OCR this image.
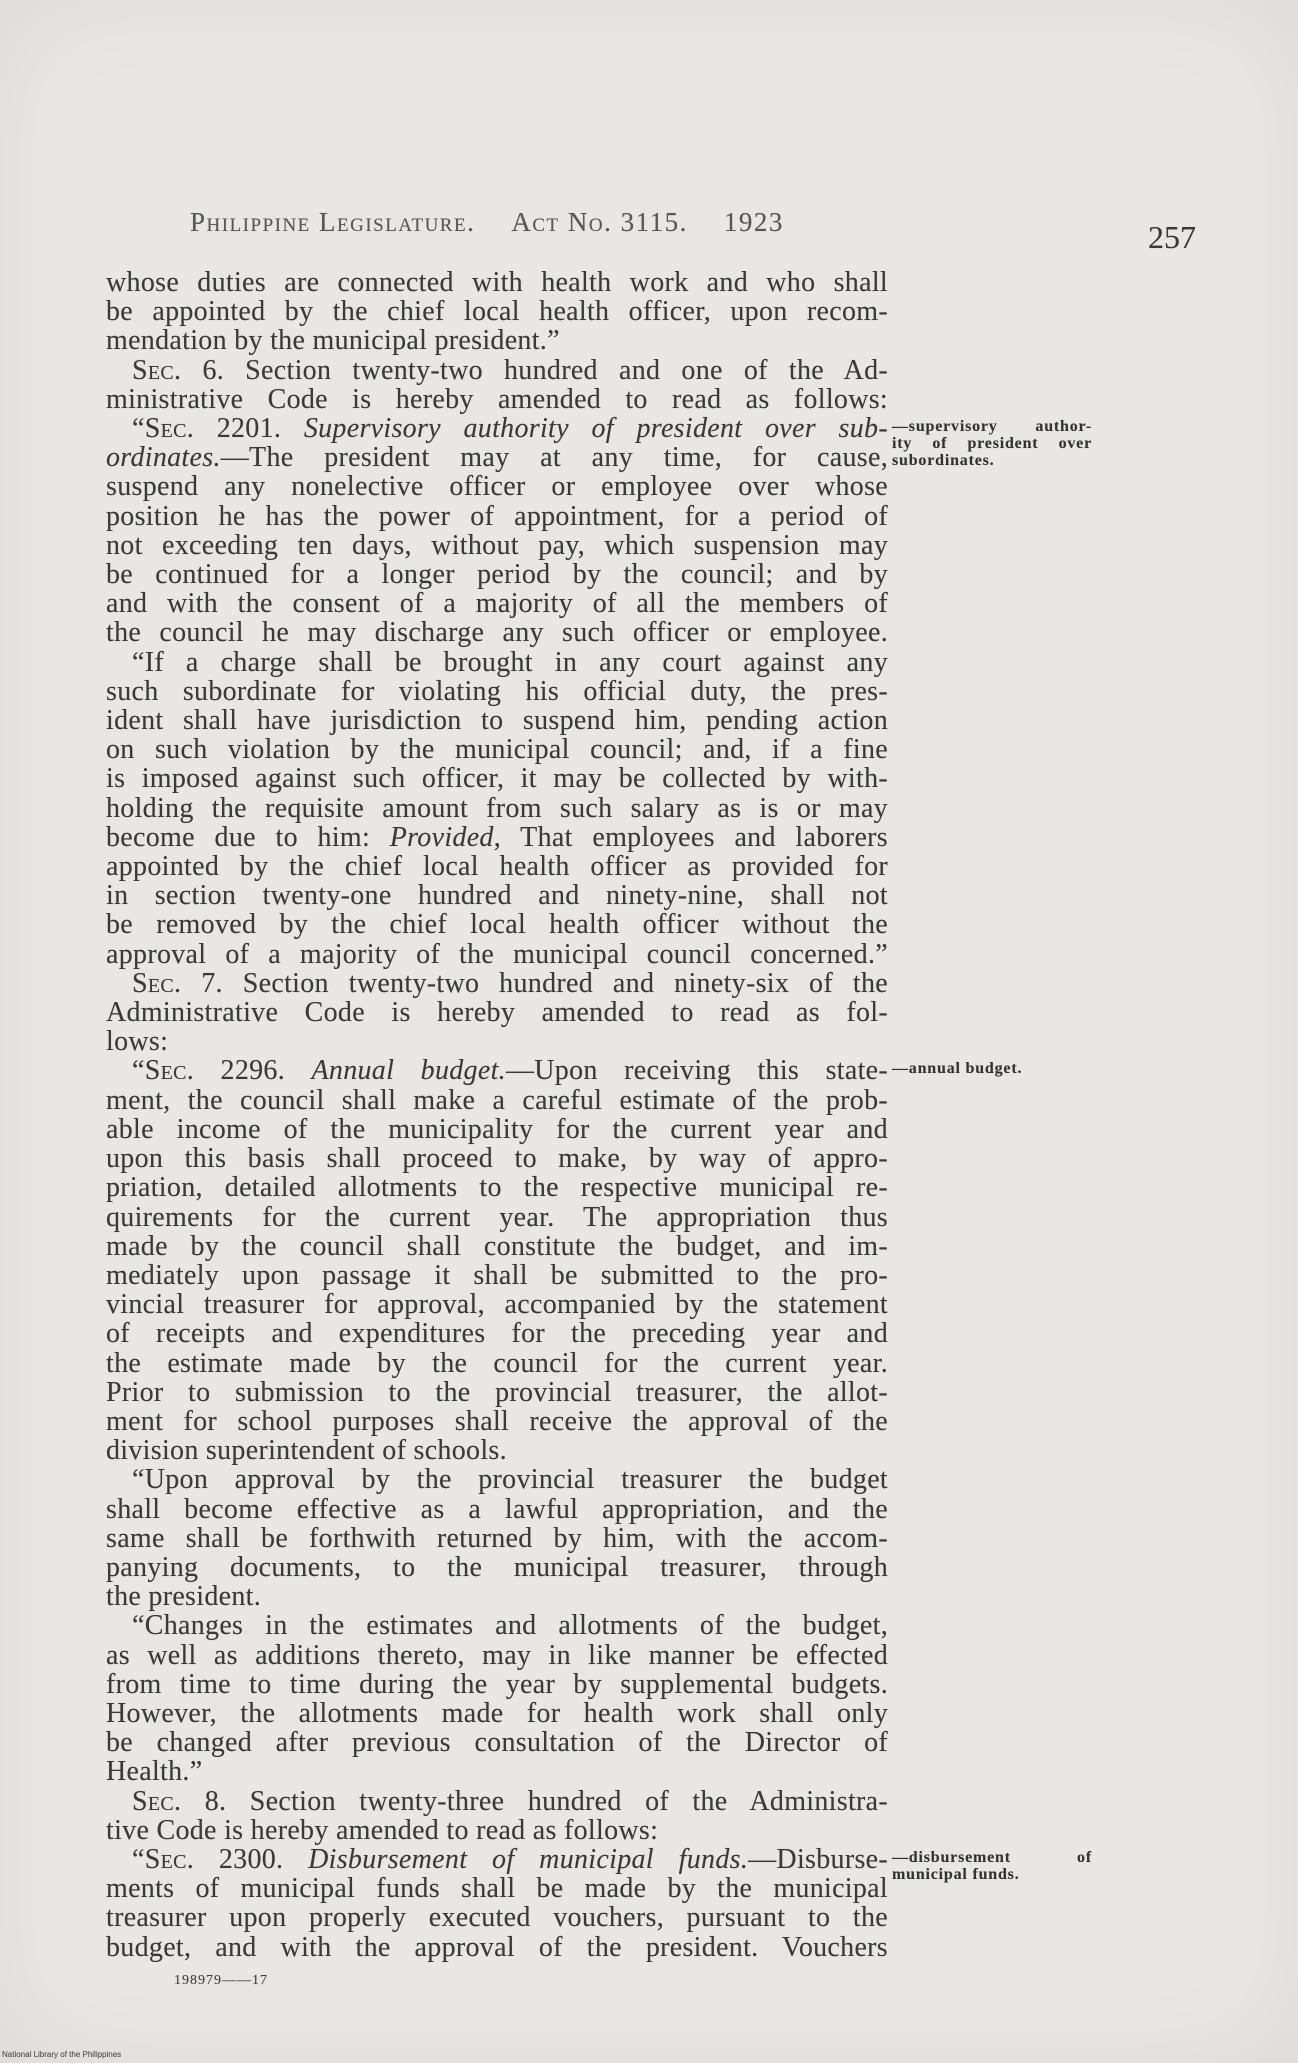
Philippine Legislature. Act No. 3115. 1923	257
whose duties are connected with health work and who shall
be appointed by the chief local health officer, upon recom-
mendation by the municipal president.”
Sec. 6. Section twenty-two hundred and one of the Ad-
ministrative Code is hereby amended to read as follows:
“Sec. 2201. Supervisory authority of president over sub-
ordinates.—The president may at any time, for cause,
suspend any nonelective officer or employee over whose
position he has the power of appointment, for a period of
not exceeding ten days, without pay, which suspension may
be continued for a longer period by the council; and by
and with the consent of a majority of all the members of
the council he may discharge any such officer or employee.
—supervisory author-
ity of president over
subordinates.
“If a charge shall be brought in any court against any
such subordinate for violating his official duty, the pres-
ident shall have jurisdiction to suspend him, pending action
on such violation by the municipal council; and, if a fine
is imposed against such officer, it may be collected by with-
holding the requisite amount from such salary as is or may
become due to him: Provided, That employees and laborers
appointed by the chief local health officer as provided for
in section twenty-one hundred and ninety-nine, shall not
be removed by the chief local health officer without the
approval of a majority of the municipal council concerned.”
Sec. 7. Section twenty-two hundred and ninety-six of the
Administrative Code is hereby amended to read as fol-
lows:
“Sec. 2296. Annual budget.—Upon receiving this state-
ment, the council shall make a careful estimate of the prob-
able income of the municipality for the current year and
upon this basis shall proceed to make, by way of appro-
priation, detailed allotments to the respective municipal re-
quirements for the current year. The appropriation thus
made by the council shall constitute the budget, and im-
mediately upon passage it shall be submitted to the pro-
vincial treasurer for approval, accompanied by the statement
of receipts and expenditures for the preceding year and
the estimate made by the council for the current year.
Prior to submission to the provincial treasurer, the allot-
ment for school purposes shall receive the approval of the
division superintendent of schools.
—annual budget.
“Upon approval by the provincial treasurer the budget
shall become effective as a lawful appropriation, and the
same shall be forthwith returned by him, with the accom-
panying documents, to the municipal treasurer, through
the president.
“Changes in the estimates and allotments of the budget,
as well as additions thereto, may in like manner be effected
from time to time during the year by supplemental budgets.
However, the allotments made for health work shall only
be changed after previous consultation of the Director of
Health.”
Sec. 8. Section twenty-three hundred of the Administra-
tive Code is hereby amended to read as follows:
“Sec. 2300. Disbursement of municipal funds.—Disburse-
ments of municipal funds shall be made by the municipal
treasurer upon properly executed vouchers, pursuant to the
budget, and with the approval of the president. Vouchers
—disbursement of
municipal funds.
198979——17
National Library of the Philippines
